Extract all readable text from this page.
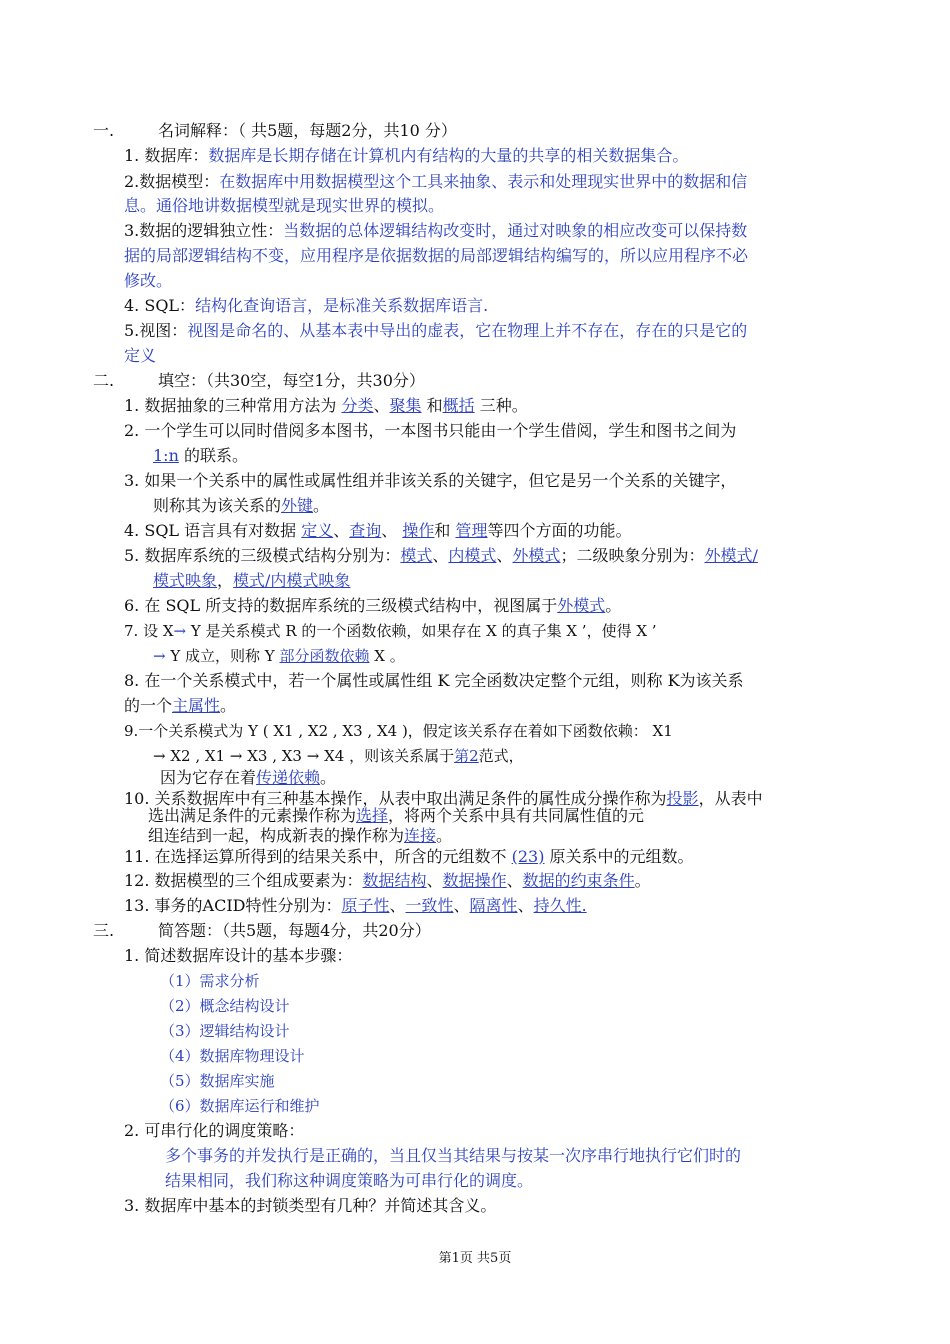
一.	名词解释：（ 共5题，每题2分，共10 分）
1. 数据库：数据库是长期存储在计算机内有结构的大量的共享的相关数据集合。
2.数据模型：在数据库中用数据模型这个工具来抽象、表示和处理现实世界中的数据和信
息。通俗地讲数据模型就是现实世界的模拟。
3.数据的逻辑独立性：当数据的总体逻辑结构改变时，通过对映象的相应改变可以保持数
据的局部逻辑结构不变，应用程序是依据数据的局部逻辑结构编写的，所以应用程序不必
修改。
4. SQL：结构化查询语言，是标准关系数据库语言.
5.视图：视图是命名的、从基本表中导出的虚表，它在物理上并不存在，存在的只是它的
定义
二.	填空：（共30空，每空1分，共30分）
1. 数据抽象的三种常用方法为 分类、聚集 和概括 三种。
2. 一个学生可以同时借阅多本图书，一本图书只能由一个学生借阅，学生和图书之间为
1:n 的联系。
3. 如果一个关系中的属性或属性组并非该关系的关键字，但它是另一个关系的关键字，
则称其为该关系的外键。
4. SQL 语言具有对数据 定义、查询、 操作和 管理等四个方面的功能。
5. 数据库系统的三级模式结构分别为：模式、内模式、外模式；二级映象分别为：外模式/
模式映象，模式/内模式映象
6. 在 SQL 所支持的数据库系统的三级模式结构中，视图属于外模式。
7. 设 X→ Y 是关系模式 R 的一个函数依赖，如果存在 X 的真子集 X ’，使得 X ’
→ Y 成立，则称 Y 部分函数依赖 X 。
8. 在一个关系模式中，若一个属性或属性组 K 完全函数决定整个元组，则称 K为该关系
的一个主属性。
9.一个关系模式为 Y ( X1 , X2 , X3 , X4 )，假定该关系存在着如下函数依赖： X1
→ X2 , X1 → X3 , X3 → X4 ，则该关系属于第2范式，
因为它存在着传递依赖。
10. 关系数据库中有三种基本操作，从表中取出满足条件的属性成分操作称为投影，从表中
选出满足条件的元素操作称为选择，将两个关系中具有共同属性值的元
组连结到一起，构成新表的操作称为连接。
11. 在选择运算所得到的结果关系中，所含的元组数不 (23) 原关系中的元组数。
12. 数据模型的三个组成要素为：数据结构、数据操作、数据的约束条件。
13. 事务的ACID特性分别为：原子性、一致性、隔离性、持久性.
三.	简答题：（共5题，每题4分，共20分）
1. 简述数据库设计的基本步骤：
（1）需求分析
（2）概念结构设计
（3）逻辑结构设计
（4）数据库物理设计
（5）数据库实施
（6）数据库运行和维护
2. 可串行化的调度策略：
多个事务的并发执行是正确的，当且仅当其结果与按某一次序串行地执行它们时的
结果相同，我们称这种调度策略为可串行化的调度。
3. 数据库中基本的封锁类型有几种？并简述其含义。
第1页 共5页
